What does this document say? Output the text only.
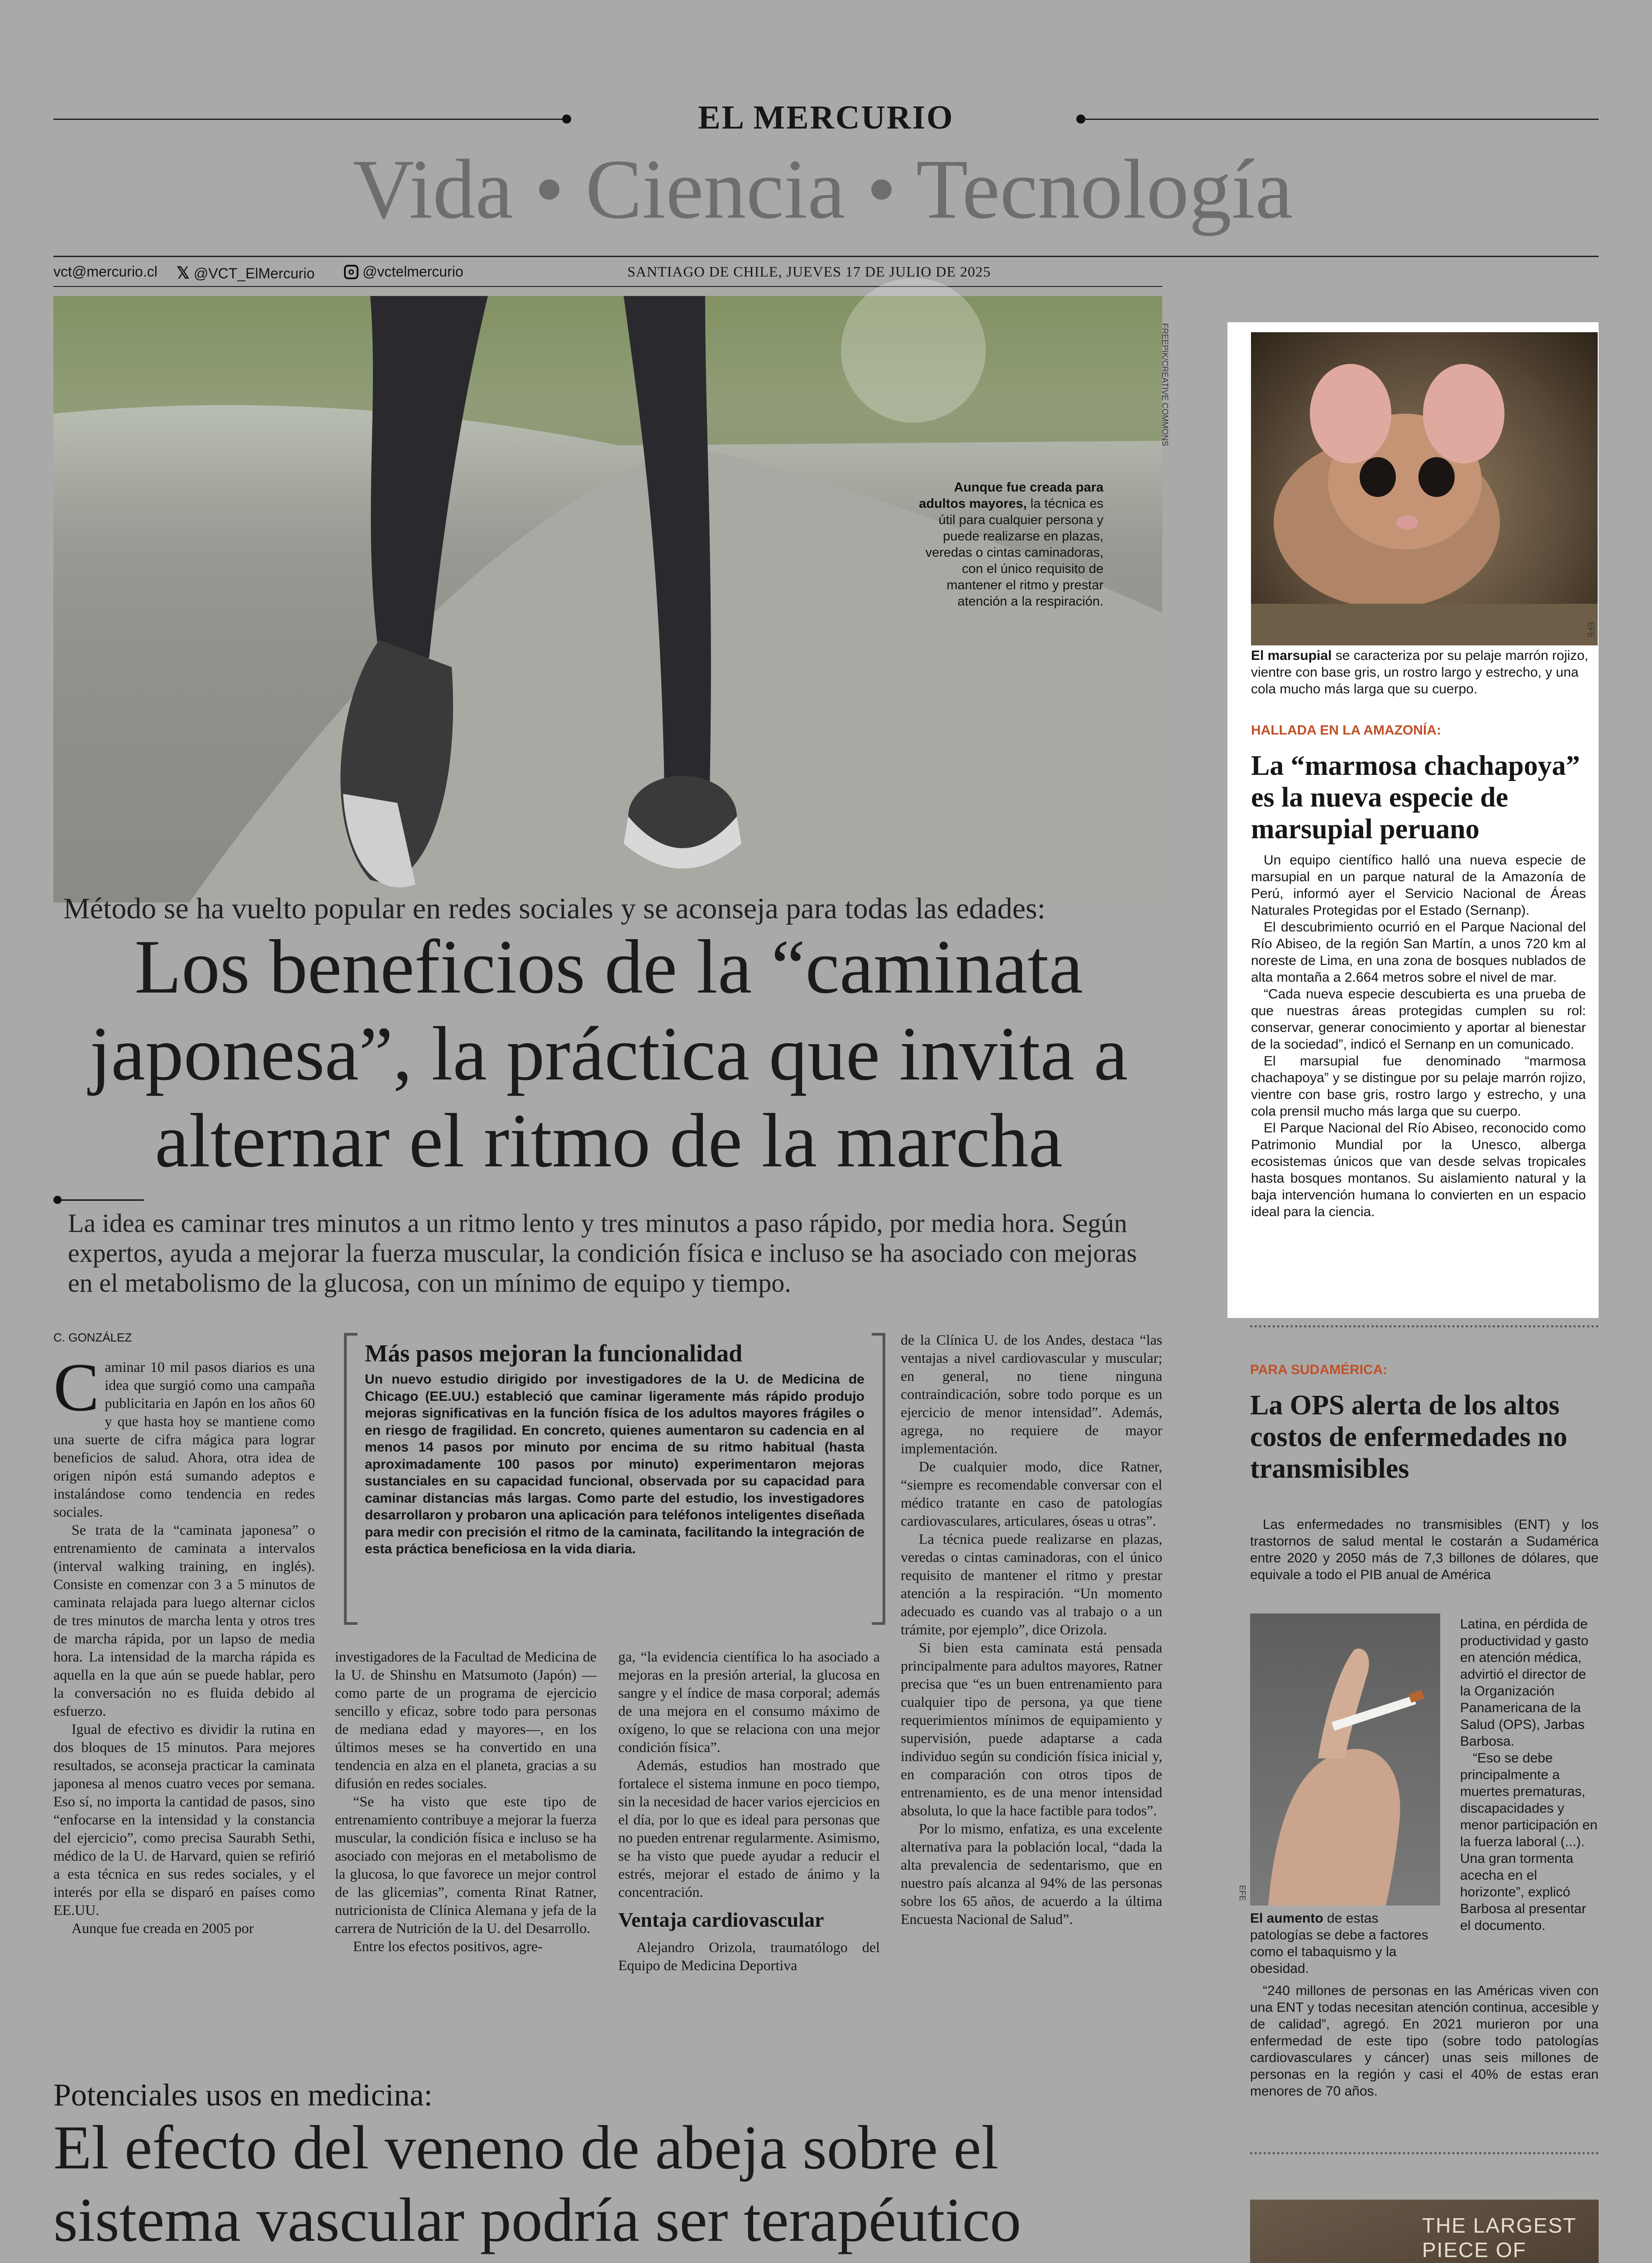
EL MERCURIO
Vida • Ciencia • Tecnología
vct@mercurio.cl 𝕏 @VCT_ElMercurio	@vctelmercurio	SANTIAGO DE CHILE, JUEVES 17 DE JULIO DE 2025
Aunque fue creada para adultos mayores, la técnica es útil para cualquier persona y puede realizarse en plazas, veredas o cintas caminadoras, con el único requisito de mantener el ritmo y prestar atención a la respiración.
FREEPIK/CREATIVE COMMONS
Método se ha vuelto popular en redes sociales y se aconseja para todas las edades:
Los beneficios de la “caminata japonesa”, la práctica que invita a alternar el ritmo de la marcha
La idea es caminar tres minutos a un ritmo lento y tres minutos a paso rápido, por media hora. Según expertos, ayuda a mejorar la fuerza muscular, la condición física e incluso se ha asociado con mejoras en el metabolismo de la glucosa, con un mínimo de equipo y tiempo.
C. GONZÁLEZ
C aminar 10 mil pasos diarios es una idea que surgió como una campaña publicitaria en Japón en los años 60 y que hasta hoy se mantiene como una suerte de cifra mágica para lograr beneficios de salud. Ahora, otra idea de origen nipón está sumando adeptos e instalándose como tendencia en redes sociales.

Se trata de la “caminata japonesa” o entrenamiento de caminata a intervalos (interval walking training, en inglés). Consiste en comenzar con 3 a 5 minutos de caminata relajada para luego alternar ciclos de tres minutos de marcha lenta y otros tres de marcha rápida, por un lapso de media hora. La intensidad de la marcha rápida es aquella en la que aún se puede hablar, pero la conversación no es fluida debido al esfuerzo.

Igual de efectivo es dividir la rutina en dos bloques de 15 minutos. Para mejores resultados, se aconseja practicar la caminata japonesa al menos cuatro veces por semana. Eso sí, no importa la cantidad de pasos, sino “enfocarse en la intensidad y la constancia del ejercicio”, como precisa Saurabh Sethi, médico de la U. de Harvard, quien se refirió a esta técnica en sus redes sociales, y el interés por ella se disparó en países como EE.UU.

Aunque fue creada en 2005 por

Más pasos mejoran la funcionalidad
Un nuevo estudio dirigido por investigadores de la U. de Medicina de Chicago (EE.UU.) estableció que caminar ligeramente más rápido produjo mejoras significativas en la función física de los adultos mayores frágiles o en riesgo de fragilidad. En concreto, quienes aumentaron su cadencia en al menos 14 pasos por minuto por encima de su ritmo habitual (hasta aproximadamente 100 pasos por minuto) experimentaron mejoras sustanciales en su capacidad funcional, observada por su capacidad para caminar distancias más largas. Como parte del estudio, los investigadores desarrollaron y probaron una aplicación para teléfonos inteligentes diseñada para medir con precisión el ritmo de la caminata, facilitando la integración de esta práctica beneficiosa en la vida diaria.

investigadores de la Facultad de Medicina de la U. de Shinshu en Matsumoto (Japón) —como parte de un programa de ejercicio sencillo y eficaz, sobre todo para personas de mediana edad y mayores—, en los últimos meses se ha convertido en una tendencia en alza en el planeta, gracias a su difusión en redes sociales.

“Se ha visto que este tipo de entrenamiento contribuye a mejorar la fuerza muscular, la condición física e incluso se ha asociado con mejoras en el metabolismo de la glucosa, lo que favorece un mejor control de las glicemias”, comenta Rinat Ratner, nutricionista de Clínica Alemana y jefa de la carrera de Nutrición de la U. del Desarrollo.

Entre los efectos positivos, agre-

ga, “la evidencia científica lo ha asociado a mejoras en la presión arterial, la glucosa en sangre y el índice de masa corporal; además de una mejora en el consumo máximo de oxígeno, lo que se relaciona con una mejor condición física”.

Además, estudios han mostrado que fortalece el sistema inmune en poco tiempo, sin la necesidad de hacer varios ejercicios en el día, por lo que es ideal para personas que no pueden entrenar regularmente. Asimismo, se ha visto que puede ayudar a reducir el estrés, mejorar el estado de ánimo y la concentración.

Ventaja cardiovascular

Alejandro Orizola, traumatólogo del Equipo de Medicina Deportiva

de la Clínica U. de los Andes, destaca “las ventajas a nivel cardiovascular y muscular; en general, no tiene ninguna contraindicación, sobre todo porque es un ejercicio de menor intensidad”. Además, agrega, no requiere de mayor implementación.

De cualquier modo, dice Ratner, “siempre es recomendable conversar con el médico tratante en caso de patologías cardiovasculares, articulares, óseas u otras”.

La técnica puede realizarse en plazas, veredas o cintas caminadoras, con el único requisito de mantener el ritmo y prestar atención a la respiración. “Un momento adecuado es cuando vas al trabajo o a un trámite, por ejemplo”, dice Orizola.

Si bien esta caminata está pensada principalmente para adultos mayores, Ratner precisa que “es un buen entrenamiento para cualquier tipo de persona, ya que tiene requerimientos mínimos de equipamiento y supervisión, puede adaptarse a cada individuo según su condición física inicial y, en comparación con otros tipos de entrenamiento, es de una menor intensidad absoluta, lo que la hace factible para todos”.

Por lo mismo, enfatiza, es una excelente alternativa para la población local, “dada la alta prevalencia de sedentarismo, que en nuestro país alcanza al 94% de las personas sobre los 65 años, de acuerdo a la última Encuesta Nacional de Salud”.

Potenciales usos en medicina:
El efecto del veneno de abeja sobre el sistema vascular podría ser terapéutico

EFE
El marsupial se caracteriza por su pelaje marrón rojizo, vientre con base gris, un rostro largo y estrecho, y una cola mucho más larga que su cuerpo.
HALLADA EN LA AMAZONÍA:
La “marmosa chachapoya” es la nueva especie de marsupial peruano

Un equipo científico halló una nueva especie de marsupial en un parque natural de la Amazonía de Perú, informó ayer el Servicio Nacional de Áreas Naturales Protegidas por el Estado (Sernanp).

El descubrimiento ocurrió en el Parque Nacional del Río Abiseo, de la región San Martín, a unos 720 km al noreste de Lima, en una zona de bosques nublados de alta montaña a 2.664 metros sobre el nivel de mar.

“Cada nueva especie descubierta es una prueba de que nuestras áreas protegidas cumplen su rol: conservar, generar conocimiento y aportar al bienestar de la sociedad”, indicó el Sernanp en un comunicado.

El marsupial fue denominado “marmosa chachapoya” y se distingue por su pelaje marrón rojizo, vientre con base gris, rostro largo y estrecho, y una cola prensil mucho más larga que su cuerpo.

El Parque Nacional del Río Abiseo, reconocido como Patrimonio Mundial por la Unesco, alberga ecosistemas únicos que van desde selvas tropicales hasta bosques montanos. Su aislamiento natural y la baja intervención humana lo convierten en un espacio ideal para la ciencia.

PARA SUDAMÉRICA:
La OPS alerta de los altos costos de enfermedades no transmisibles

Las enfermedades no transmisibles (ENT) y los trastornos de salud mental le costarán a Sudamérica entre 2020 y 2050 más de 7,3 billones de dólares, que equivale a todo el PIB anual de América

EFE

Latina, en pérdida de productividad y gasto en atención médica, advirtió el director de la Organización Panamericana de la Salud (OPS), Jarbas Barbosa.

“Eso se debe principalmente a muertes prematuras, discapacidades y menor participación en la fuerza laboral (...). Una gran tormenta acecha en el horizonte”, explicó Barbosa al presentar el documento.

El aumento de estas patologías se debe a factores como el tabaquismo y la obesidad.

“240 millones de personas en las Américas viven con una ENT y todas necesitan atención continua, accesible y de calidad”, agregó. En 2021 murieron por una enfermedad de este tipo (sobre todo patologías cardiovasculares y cáncer) unas seis millones de personas en la región y casi el 40% de estas eran menores de 70 años.

THE LARGEST PIECE OF
